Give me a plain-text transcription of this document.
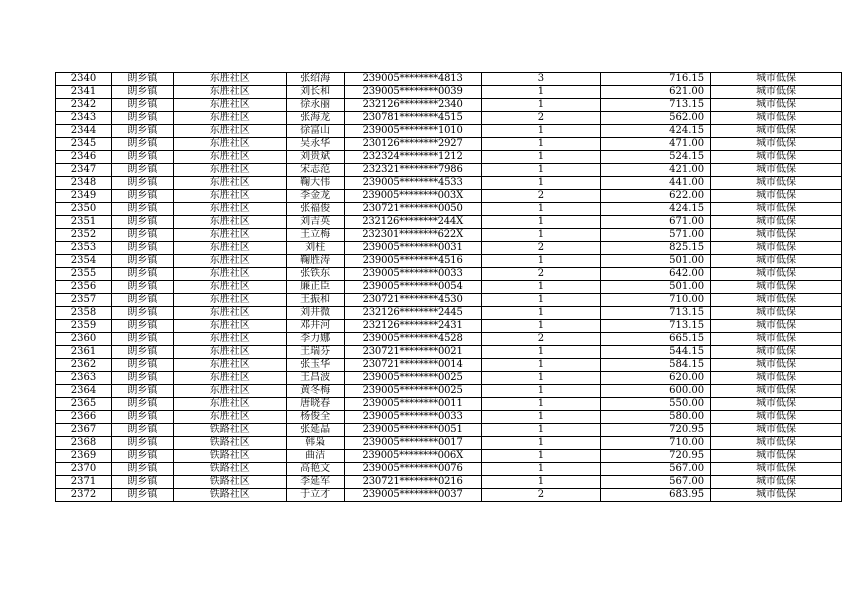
2340	朗乡镇	东胜社区	张绍海	239005********4813	3	716.15	城市低保
2341	朗乡镇	东胜社区	刘长和	239005********0039	1	621.00	城市低保
2342	朗乡镇	东胜社区	徐永丽	232126********2340	1	713.15	城市低保
2343	朗乡镇	东胜社区	张海龙	230781********4515	2	562.00	城市低保
2344	朗乡镇	东胜社区	徐富山	239005********1010	1	424.15	城市低保
2345	朗乡镇	东胜社区	吴永华	230126********2927	1	471.00	城市低保
2346	朗乡镇	东胜社区	刘贵斌	232324********1212	1	524.15	城市低保
2347	朗乡镇	东胜社区	宋志范	232321********7986	1	421.00	城市低保
2348	朗乡镇	东胜社区	鞠大伟	239005********4533	1	441.00	城市低保
2349	朗乡镇	东胜社区	李金龙	239005********003X	2	622.00	城市低保
2350	朗乡镇	东胜社区	张福俊	230721********0050	1	424.15	城市低保
2351	朗乡镇	东胜社区	刘吉英	232126********244X	1	671.00	城市低保
2352	朗乡镇	东胜社区	王立梅	232301********622X	1	571.00	城市低保
2353	朗乡镇	东胜社区	刘柱	239005********0031	2	825.15	城市低保
2354	朗乡镇	东胜社区	鞠胜涛	239005********4516	1	501.00	城市低保
2355	朗乡镇	东胜社区	张铁东	239005********0033	2	642.00	城市低保
2356	朗乡镇	东胜社区	廉正臣	239005********0054	1	501.00	城市低保
2357	朗乡镇	东胜社区	王振和	230721********4530	1	710.00	城市低保
2358	朗乡镇	东胜社区	刘井微	232126********2445	1	713.15	城市低保
2359	朗乡镇	东胜社区	邓井河	232126********2431	1	713.15	城市低保
2360	朗乡镇	东胜社区	李力娜	239005********4528	2	665.15	城市低保
2361	朗乡镇	东胜社区	王瑞芬	230721********0021	1	544.15	城市低保
2362	朗乡镇	东胜社区	张玉华	230721********0014	1	584.15	城市低保
2363	朗乡镇	东胜社区	王昌波	239005********0025	1	620.00	城市低保
2364	朗乡镇	东胜社区	黄冬梅	239005********0025	1	600.00	城市低保
2365	朗乡镇	东胜社区	唐晓春	239005********0011	1	550.00	城市低保
2366	朗乡镇	东胜社区	杨俊全	239005********0033	1	580.00	城市低保
2367	朗乡镇	铁路社区	张延晶	239005********0051	1	720.95	城市低保
2368	朗乡镇	铁路社区	韩枭	239005********0017	1	710.00	城市低保
2369	朗乡镇	铁路社区	曲洁	239005********006X	1	720.95	城市低保
2370	朗乡镇	铁路社区	高艳文	239005********0076	1	567.00	城市低保
2371	朗乡镇	铁路社区	李延军	230721********0216	1	567.00	城市低保
2372	朗乡镇	铁路社区	于立才	239005********0037	2	683.95	城市低保
